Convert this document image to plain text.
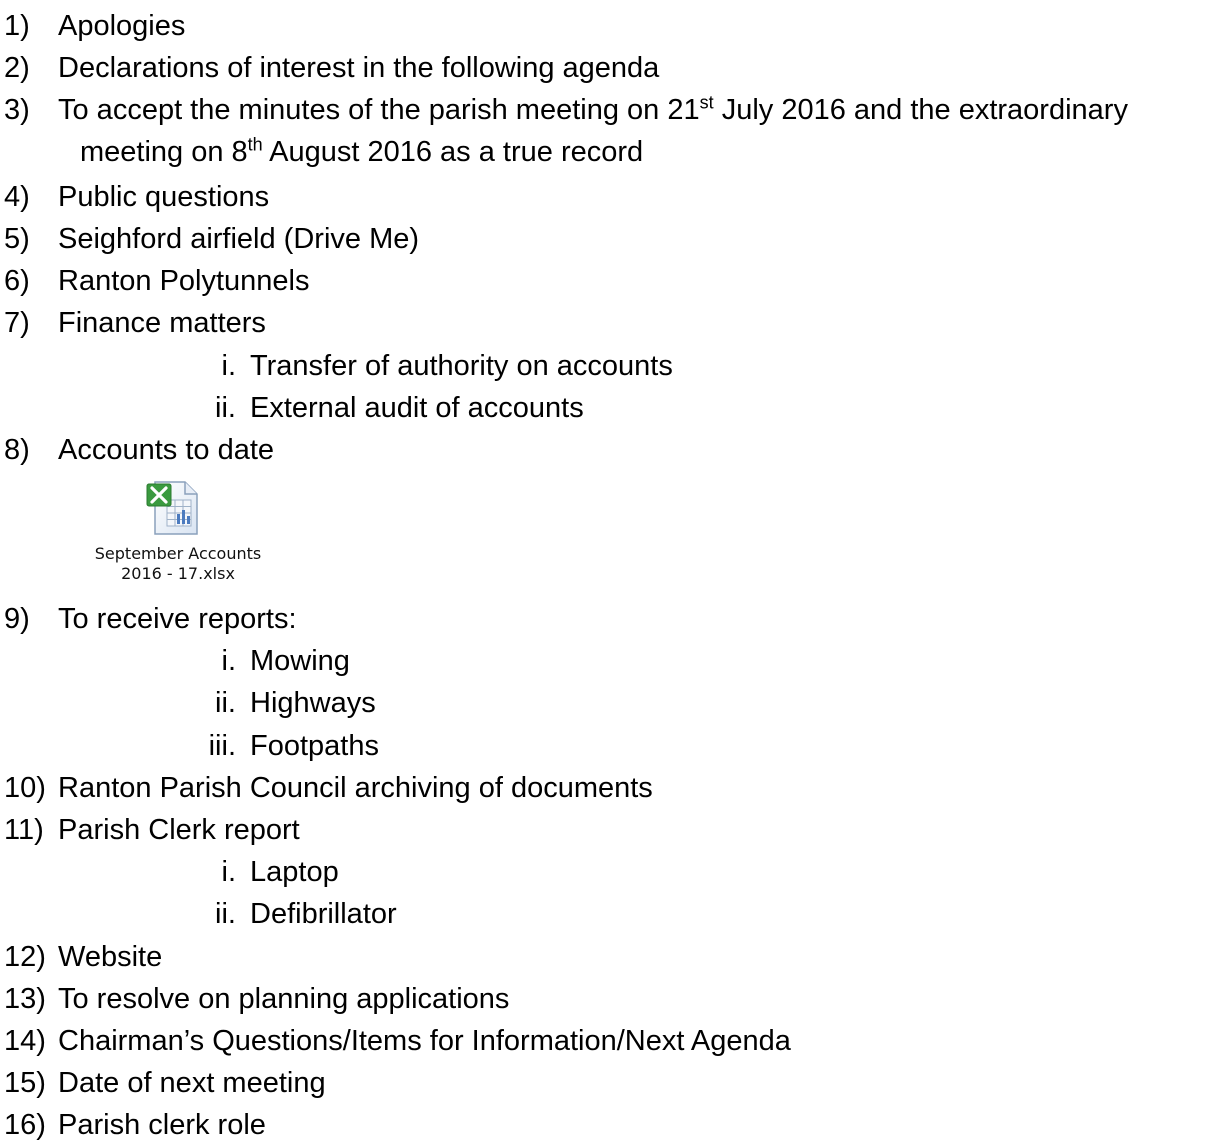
1) Apologies
2) Declarations of interest in the following agenda
3) To accept the minutes of the parish meeting on 21st July 2016 and the extraordinary
meeting on 8th August 2016 as a true record
4) Public questions
5) Seighford airfield (Drive Me)
6) Ranton Polytunnels
7) Finance matters
i. Transfer of authority on accounts
ii. External audit of accounts
8) Accounts to date
September Accounts
2016 - 17.xlsx
9) To receive reports:
i. Mowing
ii. Highways
iii. Footpaths
10) Ranton Parish Council archiving of documents
11) Parish Clerk report
i. Laptop
ii. Defibrillator
12) Website
13) To resolve on planning applications
14) Chairman’s Questions/Items for Information/Next Agenda
15) Date of next meeting
16) Parish clerk role
